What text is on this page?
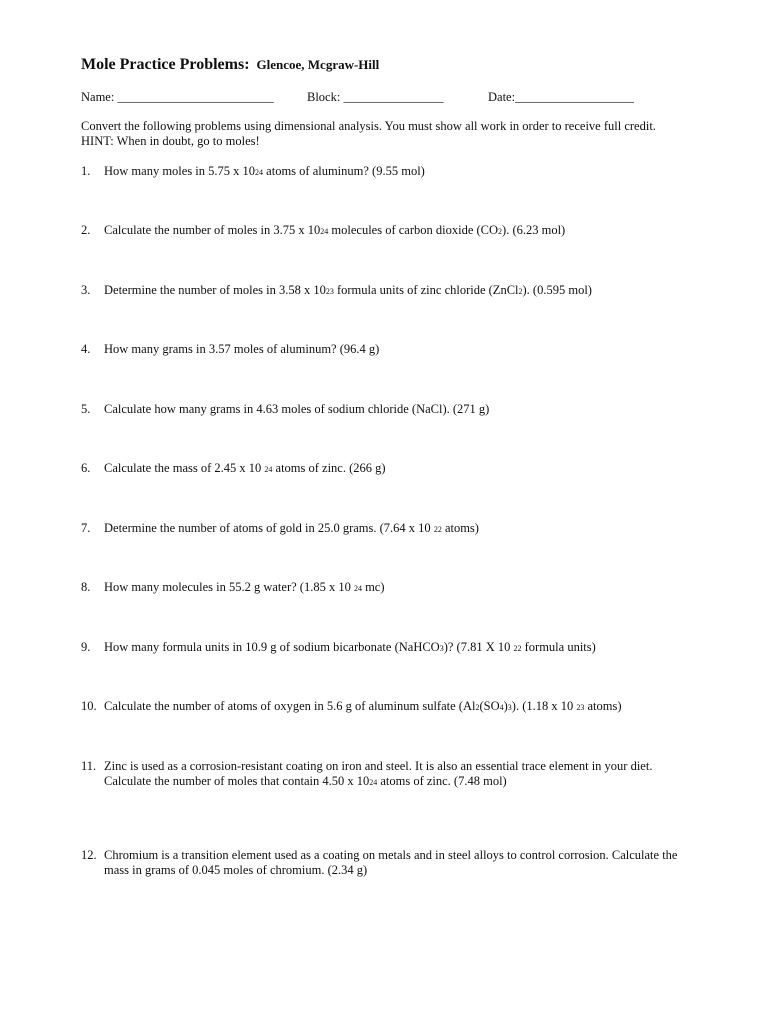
Mole Practice Problems: Glencoe, Mcgraw-Hill
Name: _________________________	Block: ________________	Date:___________________
Convert the following problems using dimensional analysis. You must show all work in order to receive full credit.
HINT: When in doubt, go to moles!
1. How many moles in 5.75 x 1024 atoms of aluminum? (9.55 mol)
2. Calculate the number of moles in 3.75 x 1024 molecules of carbon dioxide (CO2). (6.23 mol)
3. Determine the number of moles in 3.58 x 1023 formula units of zinc chloride (ZnCl2). (0.595 mol)
4. How many grams in 3.57 moles of aluminum? (96.4 g)
5. Calculate how many grams in 4.63 moles of sodium chloride (NaCl). (271 g)
6. Calculate the mass of 2.45 x 10 24 atoms of zinc. (266 g)
7. Determine the number of atoms of gold in 25.0 grams. (7.64 x 10 22 atoms)
8. How many molecules in 55.2 g water? (1.85 x 10 24 mc)
9. How many formula units in 10.9 g of sodium bicarbonate (NaHCO3)? (7.81 X 10 22 formula units)
10. Calculate the number of atoms of oxygen in 5.6 g of aluminum sulfate (Al2(SO4)3). (1.18 x 10 23 atoms)
11. Zinc is used as a corrosion-resistant coating on iron and steel. It is also an essential trace element in your diet.
Calculate the number of moles that contain 4.50 x 1024 atoms of zinc. (7.48 mol)
12. Chromium is a transition element used as a coating on metals and in steel alloys to control corrosion. Calculate the
mass in grams of 0.045 moles of chromium. (2.34 g)
